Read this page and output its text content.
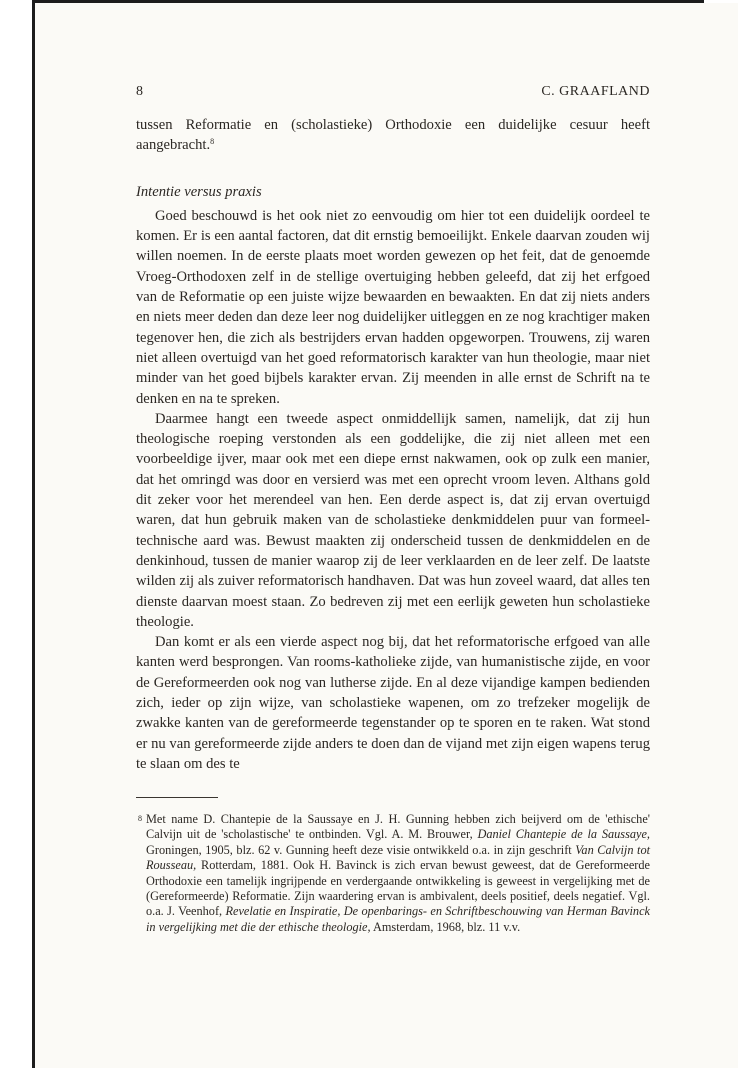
8	C. GRAAFLAND

tussen Reformatie en (scholastieke) Orthodoxie een duidelijke cesuur heeft aangebracht.$^8$

Intentie versus praxis

Goed beschouwd is het ook niet zo eenvoudig om hier tot een duidelijk oordeel te komen. Er is een aantal factoren, dat dit ernstig bemoeilijkt. Enkele daarvan zouden wij willen noemen. In de eerste plaats moet worden gewezen op het feit, dat de genoemde Vroeg-Orthodoxen zelf in de stellige overtuiging hebben geleefd, dat zij het erfgoed van de Reformatie op een juiste wijze bewaarden en bewaakten. En dat zij niets anders en niets meer deden dan deze leer nog duidelijker uitleggen en ze nog krachtiger maken tegenover hen, die zich als bestrijders ervan hadden opgeworpen. Trouwens, zij waren niet alleen overtuigd van het goed reformatorisch karakter van hun theologie, maar niet minder van het goed bijbels karakter ervan. Zij meenden in alle ernst de Schrift na te denken en na te spreken.

Daarmee hangt een tweede aspect onmiddellijk samen, namelijk, dat zij hun theologische roeping verstonden als een goddelijke, die zij niet alleen met een voorbeeldige ijver, maar ook met een diepe ernst nakwamen, ook op zulk een manier, dat het omringd was door en versierd was met een oprecht vroom leven. Althans gold dit zeker voor het merendeel van hen. Een derde aspect is, dat zij ervan overtuigd waren, dat hun gebruik maken van de scholastieke denkmiddelen puur van formeel-technische aard was. Bewust maakten zij onderscheid tussen de denkmiddelen en de denkinhoud, tussen de manier waarop zij de leer verklaarden en de leer zelf. De laatste wilden zij als zuiver reformatorisch handhaven. Dat was hun zoveel waard, dat alles ten dienste daarvan moest staan. Zo bedreven zij met een eerlijk geweten hun scholastieke theologie.

Dan komt er als een vierde aspect nog bij, dat het reformatorische erfgoed van alle kanten werd besprongen. Van rooms-katholieke zijde, van humanistische zijde, en voor de Gereformeerden ook nog van lutherse zijde. En al deze vijandige kampen bedienden zich, ieder op zijn wijze, van scholastieke wapenen, om zo trefzeker mogelijk de zwakke kanten van de gereformeerde tegenstander op te sporen en te raken. Wat stond er nu van gereformeerde zijde anders te doen dan de vijand met zijn eigen wapens terug te slaan om des te

8 Met name D. Chantepie de la Saussaye en J. H. Gunning hebben zich beijverd om de 'ethische' Calvijn uit de 'scholastische' te ontbinden. Vgl. A. M. Brouwer, Daniel Chantepie de la Saussaye, Groningen, 1905, blz. 62 v. Gunning heeft deze visie ontwikkeld o.a. in zijn geschrift Van Calvijn tot Rousseau, Rotterdam, 1881. Ook H. Bavinck is zich ervan bewust geweest, dat de Gereformeerde Orthodoxie een tamelijk ingrijpende en verdergaande ontwikkeling is geweest in vergelijking met de (Gereformeerde) Reformatie. Zijn waardering ervan is ambivalent, deels positief, deels negatief. Vgl. o.a. J. Veenhof, Revelatie en Inspiratie, De openbarings- en Schriftbeschouwing van Herman Bavinck in vergelijking met die der ethische theologie, Amsterdam, 1968, blz. 11 v.v.
